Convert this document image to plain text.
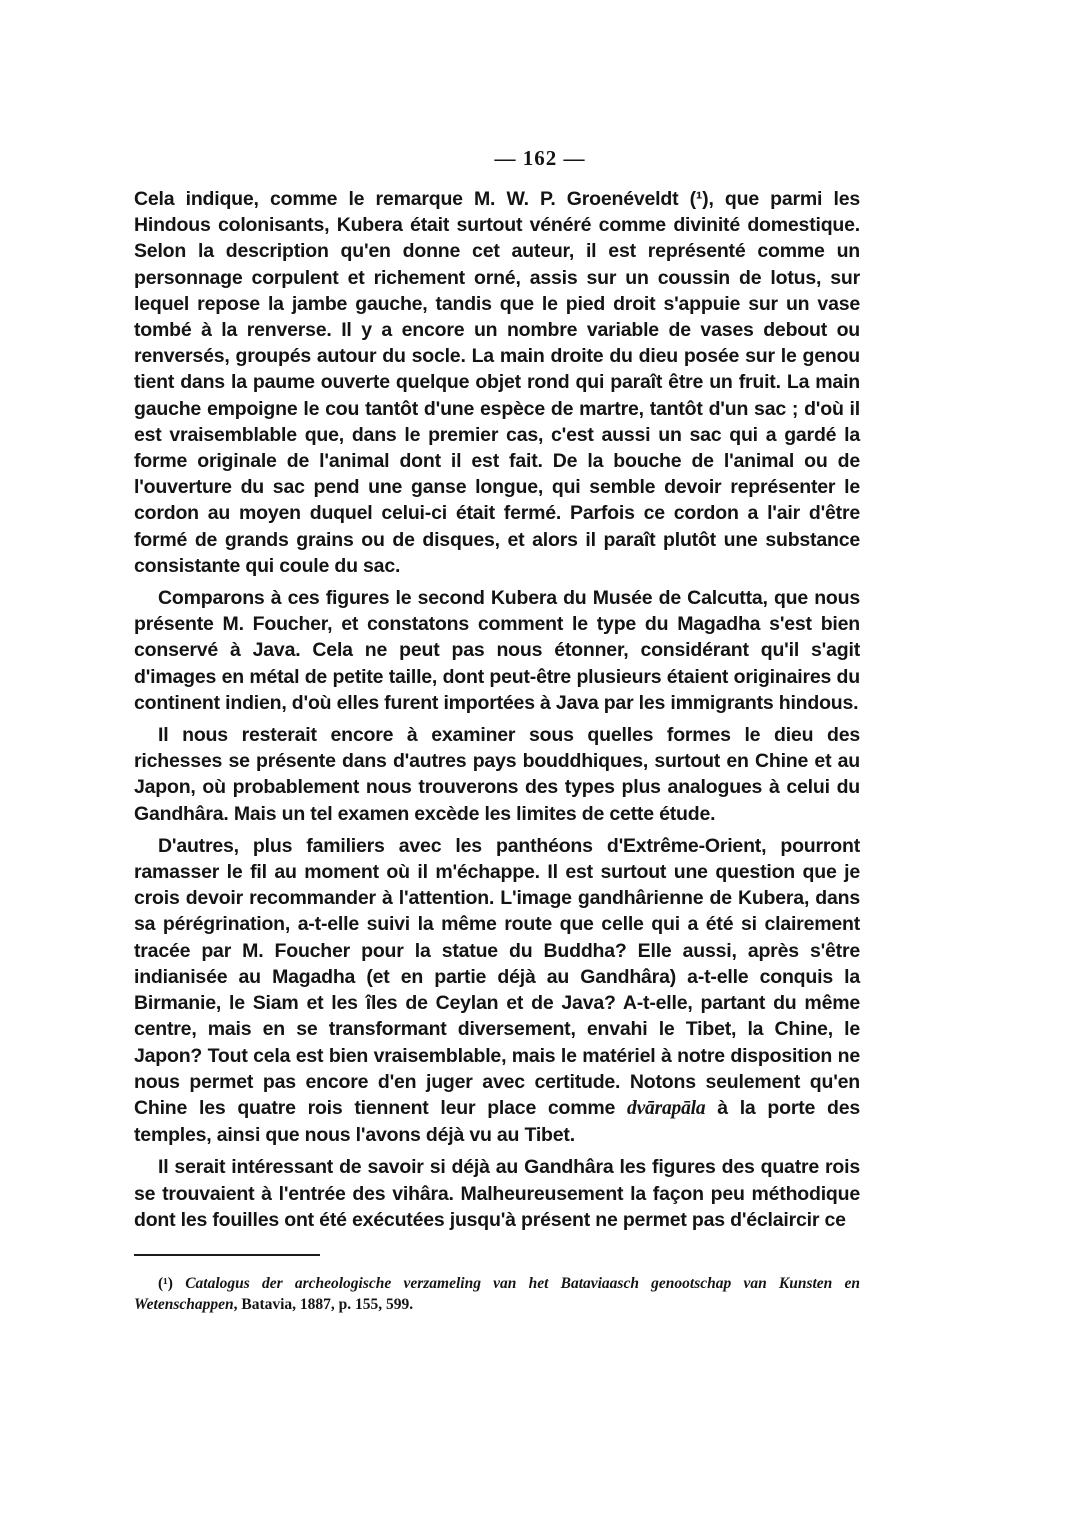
— 162 —

Cela indique, comme le remarque M. W. P. Groenéveldt (¹), que parmi les Hindous colonisants, Kubera était surtout vénéré comme divinité domestique. Selon la description qu'en donne cet auteur, il est représenté comme un personnage corpulent et richement orné, assis sur un coussin de lotus, sur lequel repose la jambe gauche, tandis que le pied droit s'appuie sur un vase tombé à la renverse. Il y a encore un nombre variable de vases debout ou renversés, groupés autour du socle. La main droite du dieu posée sur le genou tient dans la paume ouverte quelque objet rond qui paraît être un fruit. La main gauche empoigne le cou tantôt d'une espèce de martre, tantôt d'un sac ; d'où il est vraisemblable que, dans le premier cas, c'est aussi un sac qui a gardé la forme originale de l'animal dont il est fait. De la bouche de l'animal ou de l'ouverture du sac pend une ganse longue, qui semble devoir représenter le cordon au moyen duquel celui-ci était fermé. Parfois ce cordon a l'air d'être formé de grands grains ou de disques, et alors il paraît plutôt une substance consistante qui coule du sac.

Comparons à ces figures le second Kubera du Musée de Calcutta, que nous présente M. Foucher, et constatons comment le type du Magadha s'est bien conservé à Java. Cela ne peut pas nous étonner, considérant qu'il s'agit d'images en métal de petite taille, dont peut-être plusieurs étaient originaires du continent indien, d'où elles furent importées à Java par les immigrants hindous.

Il nous resterait encore à examiner sous quelles formes le dieu des richesses se présente dans d'autres pays bouddhiques, surtout en Chine et au Japon, où probablement nous trouverons des types plus analogues à celui du Gandhâra. Mais un tel examen excède les limites de cette étude.

D'autres, plus familiers avec les panthéons d'Extrême-Orient, pourront ramasser le fil au moment où il m'échappe. Il est surtout une question que je crois devoir recommander à l'attention. L'image gandhârienne de Kubera, dans sa pérégrination, a-t-elle suivi la même route que celle qui a été si clairement tracée par M. Foucher pour la statue du Buddha? Elle aussi, après s'être indianisée au Magadha (et en partie déjà au Gandhâra) a-t-elle conquis la Birmanie, le Siam et les îles de Ceylan et de Java? A-t-elle, partant du même centre, mais en se transformant diversement, envahi le Tibet, la Chine, le Japon? Tout cela est bien vraisemblable, mais le matériel à notre disposition ne nous permet pas encore d'en juger avec certitude. Notons seulement qu'en Chine les quatre rois tiennent leur place comme dvārapāla à la porte des temples, ainsi que nous l'avons déjà vu au Tibet.

Il serait intéressant de savoir si déjà au Gandhâra les figures des quatre rois se trouvaient à l'entrée des vihâra. Malheureusement la façon peu méthodique dont les fouilles ont été exécutées jusqu'à présent ne permet pas d'éclaircir ce

(¹) Catalogus der archeologische verzameling van het Bataviaasch genootschap van Kunsten en Wetenschappen, Batavia, 1887, p. 155, 599.
